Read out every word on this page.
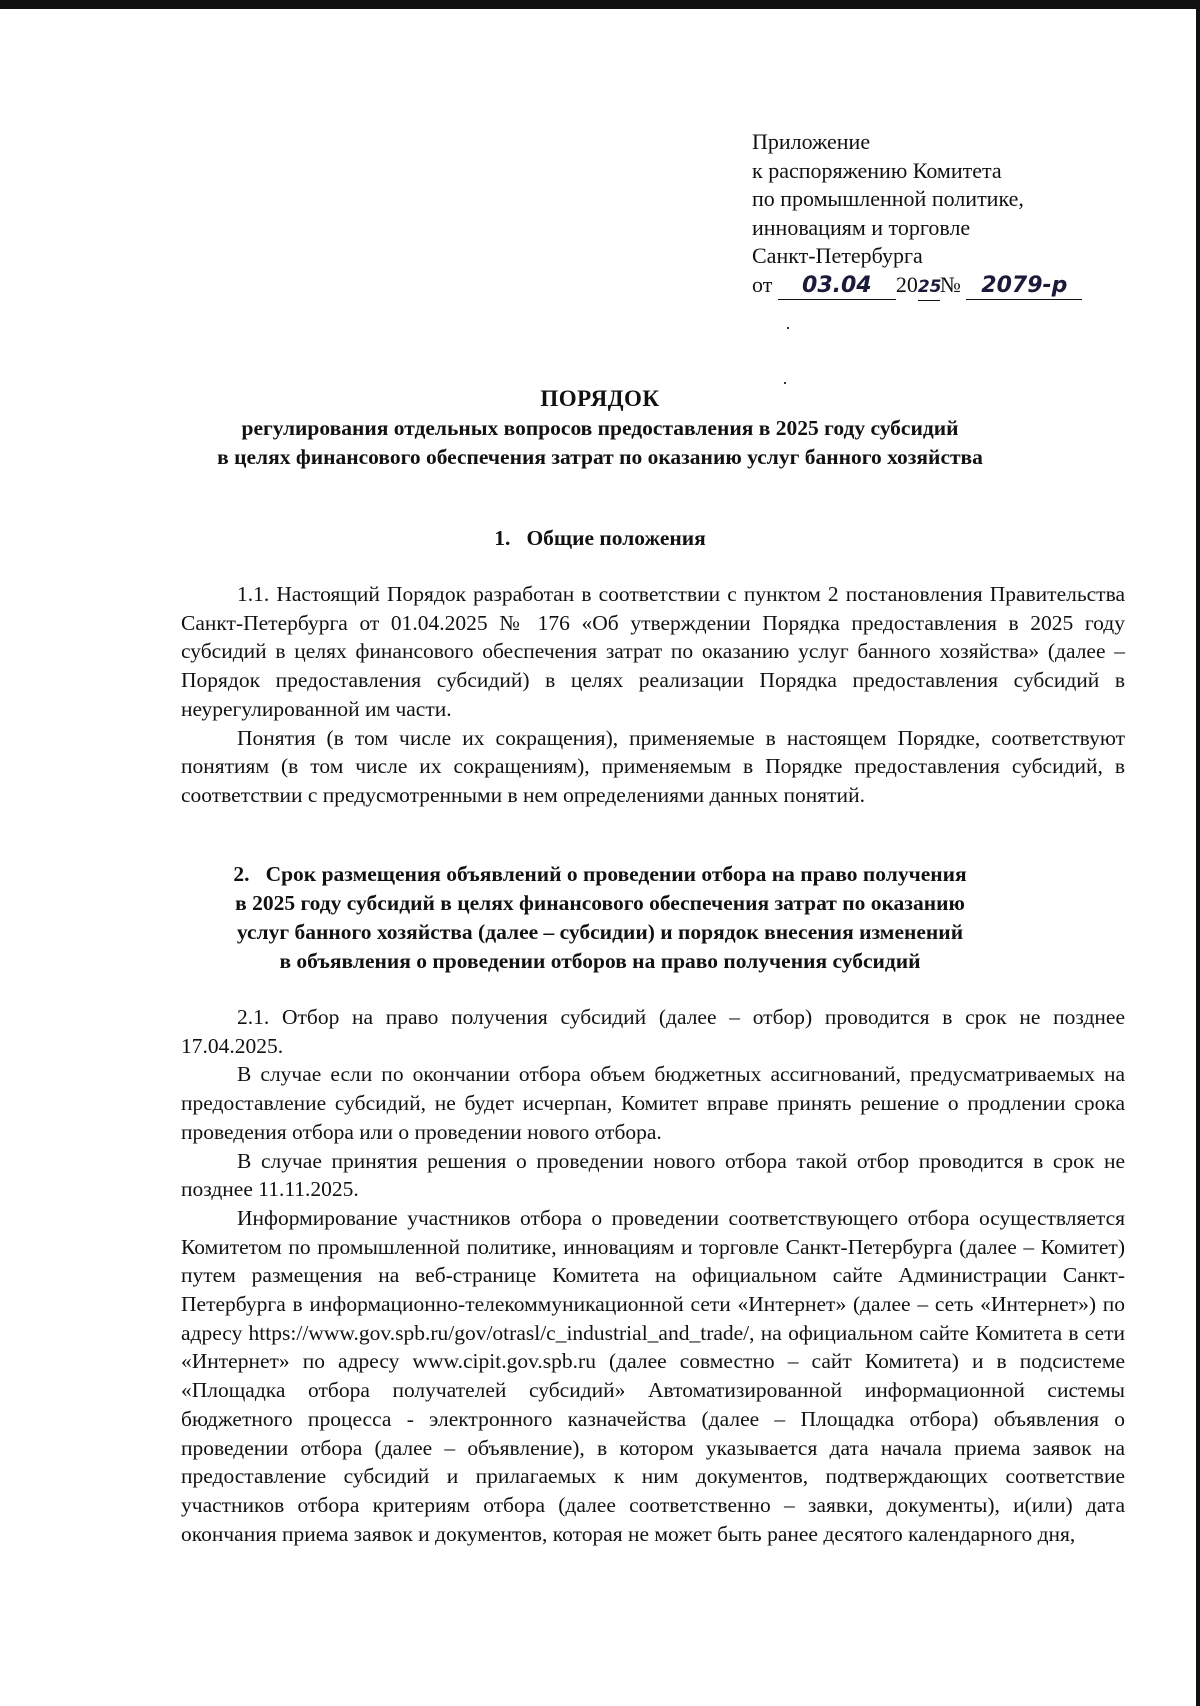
Приложение
к распоряжению Комитета
по промышленной политике,
инновациям и торговле
Санкт-Петербурга
от 03.04 2025№ 2079-р
ПОРЯДОК
регулирования отдельных вопросов предоставления в 2025 году субсидий
в целях финансового обеспечения затрат по оказанию услуг банного хозяйства
1.   Общие положения

1.1. Настоящий Порядок разработан в соответствии с пунктом 2 постановления Правительства Санкт-Петербурга от 01.04.2025 № 176 «Об утверждении Порядка предоставления в 2025 году субсидий в целях финансового обеспечения затрат по оказанию услуг банного хозяйства» (далее – Порядок предоставления субсидий) в целях реализации Порядка предоставления субсидий в неурегулированной им части.

Понятия (в том числе их сокращения), применяемые в настоящем Порядке, соответствуют понятиям (в том числе их сокращениям), применяемым в Порядке предоставления субсидий, в соответствии с предусмотренными в нем определениями данных понятий.

2.   Срок размещения объявлений о проведении отбора на право получения
в 2025 году субсидий в целях финансового обеспечения затрат по оказанию
услуг банного хозяйства (далее – субсидии) и порядок внесения изменений
в объявления о проведении отборов на право получения субсидий

2.1. Отбор на право получения субсидий (далее – отбор) проводится в срок не позднее 17.04.2025.

В случае если по окончании отбора объем бюджетных ассигнований, предусматриваемых на предоставление субсидий, не будет исчерпан, Комитет вправе принять решение о продлении срока проведения отбора или о проведении нового отбора.

В случае принятия решения о проведении нового отбора такой отбор проводится в срок не позднее 11.11.2025.

Информирование участников отбора о проведении соответствующего отбора осуществляется Комитетом по промышленной политике, инновациям и торговле Санкт-Петербурга (далее – Комитет) путем размещения на веб-странице Комитета на официальном сайте Администрации Санкт-Петербурга в информационно-телекоммуникационной сети «Интернет» (далее – сеть «Интернет») по адресу https://www.gov.spb.ru/gov/otrasl/c_industrial_and_trade/, на официальном сайте Комитета в сети «Интернет» по адресу www.cipit.gov.spb.ru (далее совместно – сайт Комитета) и в подсистеме «Площадка отбора получателей субсидий» Автоматизированной информационной системы бюджетного процесса - электронного казначейства (далее – Площадка отбора) объявления о проведении отбора (далее – объявление), в котором указывается дата начала приема заявок на предоставление субсидий и прилагаемых к ним документов, подтверждающих соответствие участников отбора критериям отбора (далее соответственно – заявки, документы), и(или) дата окончания приема заявок и документов, которая не может быть ранее десятого календарного дня,
